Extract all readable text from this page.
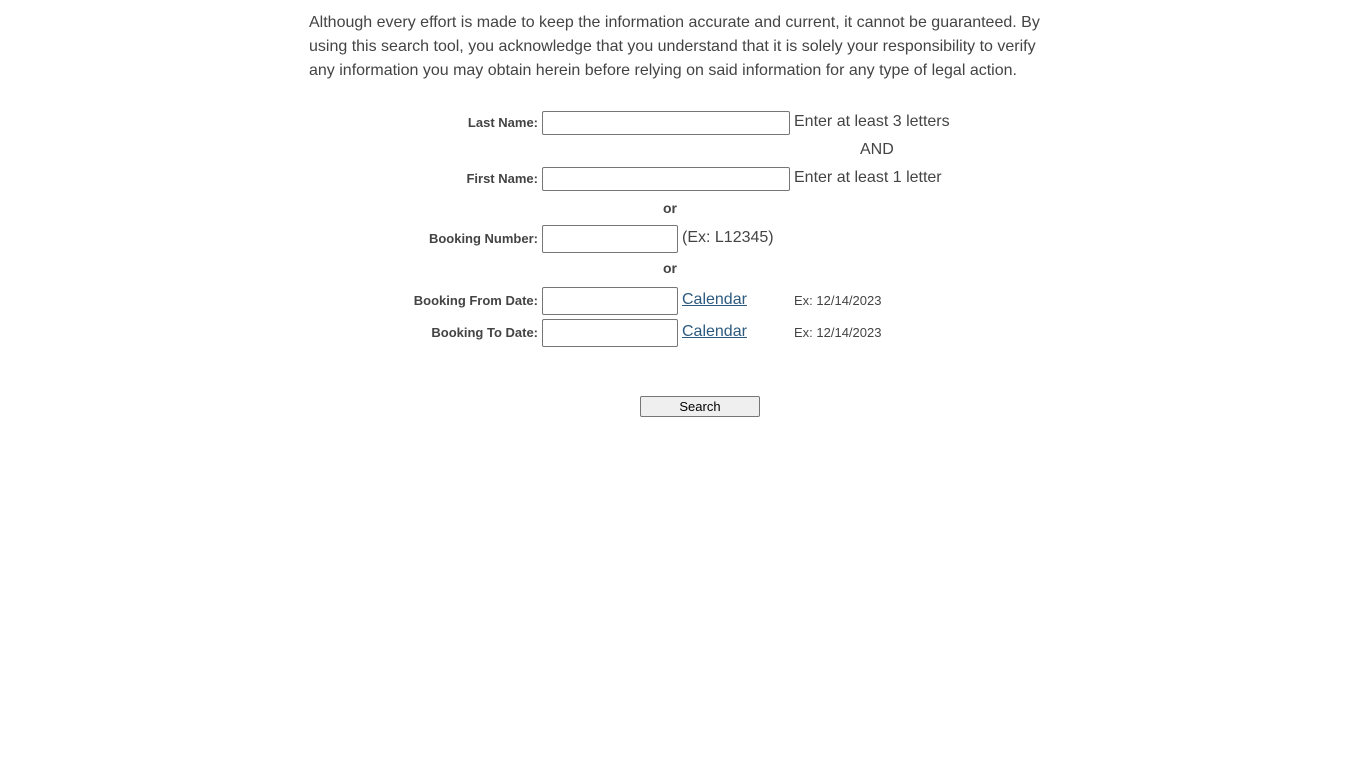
Although every effort is made to keep the information accurate and current, it cannot be guaranteed. By using this search tool, you acknowledge that you understand that it is solely your responsibility to verify any information you may obtain herein before relying on said information for any type of legal action.
Last Name:	Enter at least 3 letters
AND
First Name:	Enter at least 1 letter
or
Booking Number:	(Ex: L12345)
or
Booking From Date:	Calendar	Ex: 12/14/2023
Booking To Date:	Calendar	Ex: 12/14/2023
Search
